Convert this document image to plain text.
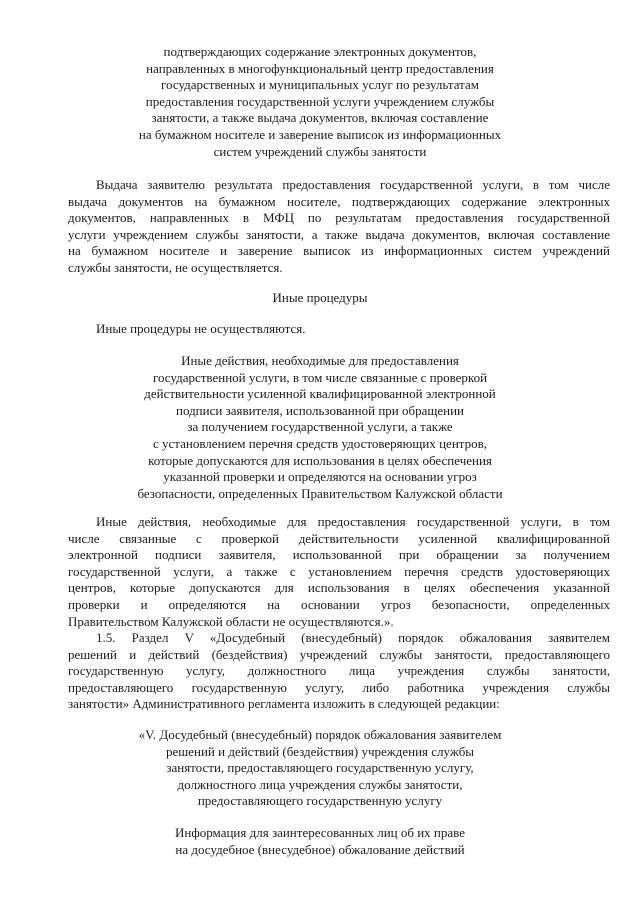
подтверждающих содержание электронных документов,
направленных в многофункциональный центр предоставления
государственных и муниципальных услуг по результатам
предоставления государственной услуги учреждением службы
занятости, а также выдача документов, включая составление
на бумажном носителе и заверение выписок из информационных
систем учреждений службы занятости
Выдача заявителю результата предоставления государственной услуги, в том числе
выдача документов на бумажном носителе, подтверждающих содержание электронных
документов, направленных в МФЦ по результатам предоставления государственной
услуги учреждением службы занятости, а также выдача документов, включая составление
на бумажном носителе и заверение выписок из информационных систем учреждений
службы занятости, не осуществляется.
Иные процедуры
Иные процедуры не осуществляются.
Иные действия, необходимые для предоставления
государственной услуги, в том числе связанные с проверкой
действительности усиленной квалифицированной электронной
подписи заявителя, использованной при обращении
за получением государственной услуги, а также
с установлением перечня средств удостоверяющих центров,
которые допускаются для использования в целях обеспечения
указанной проверки и определяются на основании угроз
безопасности, определенных Правительством Калужской области
Иные действия, необходимые для предоставления государственной услуги, в том
числе связанные с проверкой действительности усиленной квалифицированной
электронной подписи заявителя, использованной при обращении за получением
государственной услуги, а также с установлением перечня средств удостоверяющих
центров, которые допускаются для использования в целях обеспечения указанной
проверки и определяются на основании угроз безопасности, определенных
Правительством Калужской области не осуществляются.».
1.5. Раздел V «Досудебный (внесудебный) порядок обжалования заявителем
решений и действий (бездействия) учреждений службы занятости, предоставляющего
государственную услугу, должностного лица учреждения службы занятости,
предоставляющего государственную услугу, либо работника учреждения службы
занятости» Административного регламента изложить в следующей редакции:
«V. Досудебный (внесудебный) порядок обжалования заявителем
решений и действий (бездействия) учреждения службы
занятости, предоставляющего государственную услугу,
должностного лица учреждения службы занятости,
предоставляющего государственную услугу
Информация для заинтересованных лиц об их праве
на досудебное (внесудебное) обжалование действий
